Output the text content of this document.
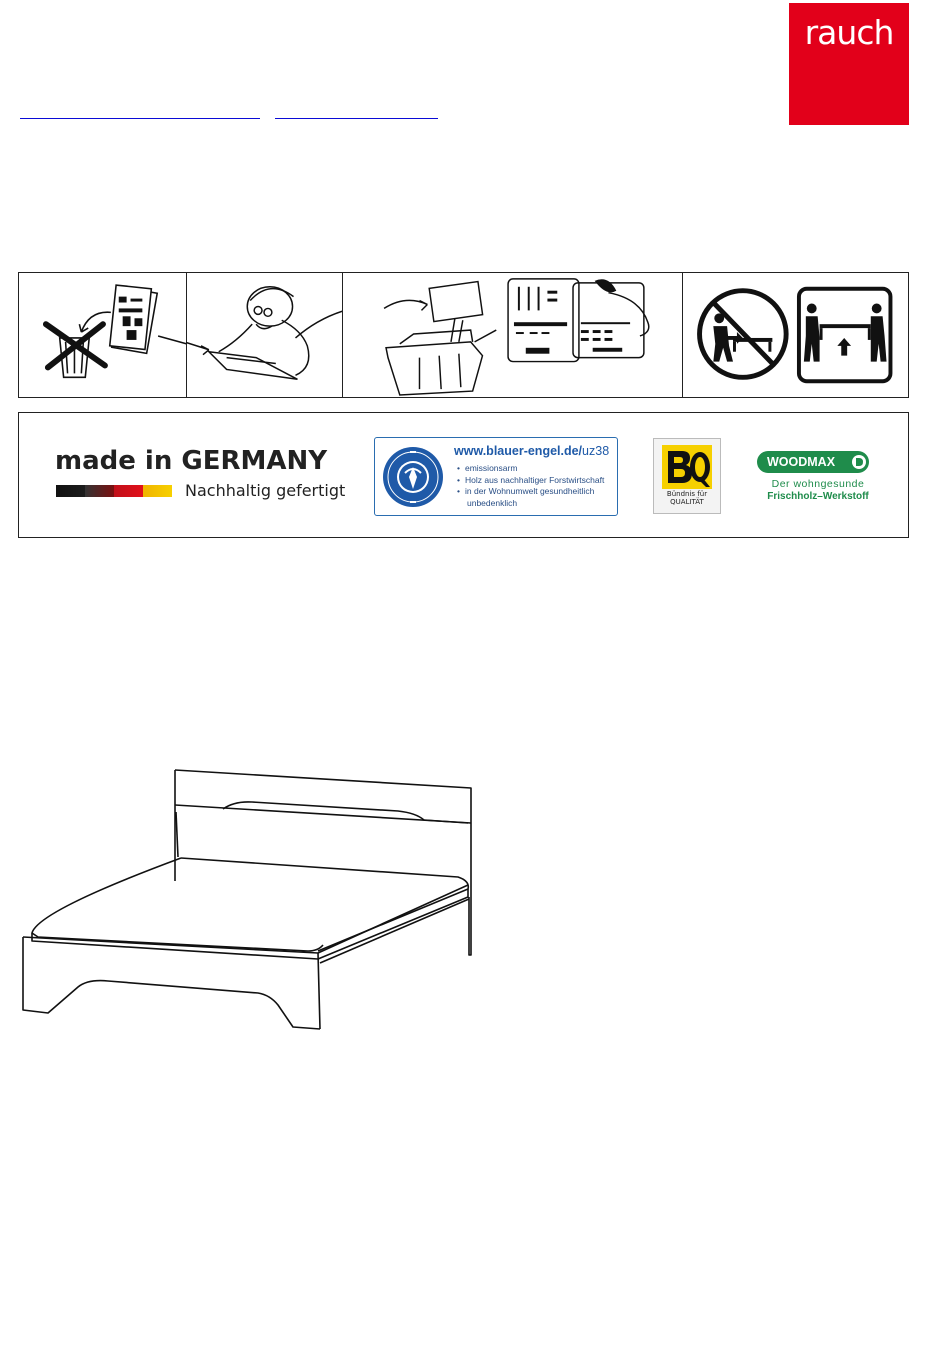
rauch
made in GERMANY
Nachhaltig gefertigt
www.blauer-engel.de/uz38
• emissionsarm
• Holz aus nachhaltiger Forstwirtschaft
• in der Wohnumwelt gesundheitlich
unbedenklich
Bündnis für
QUALITÄT
WOODMAX
Der wohngesunde
Frischholz–Werkstoff
